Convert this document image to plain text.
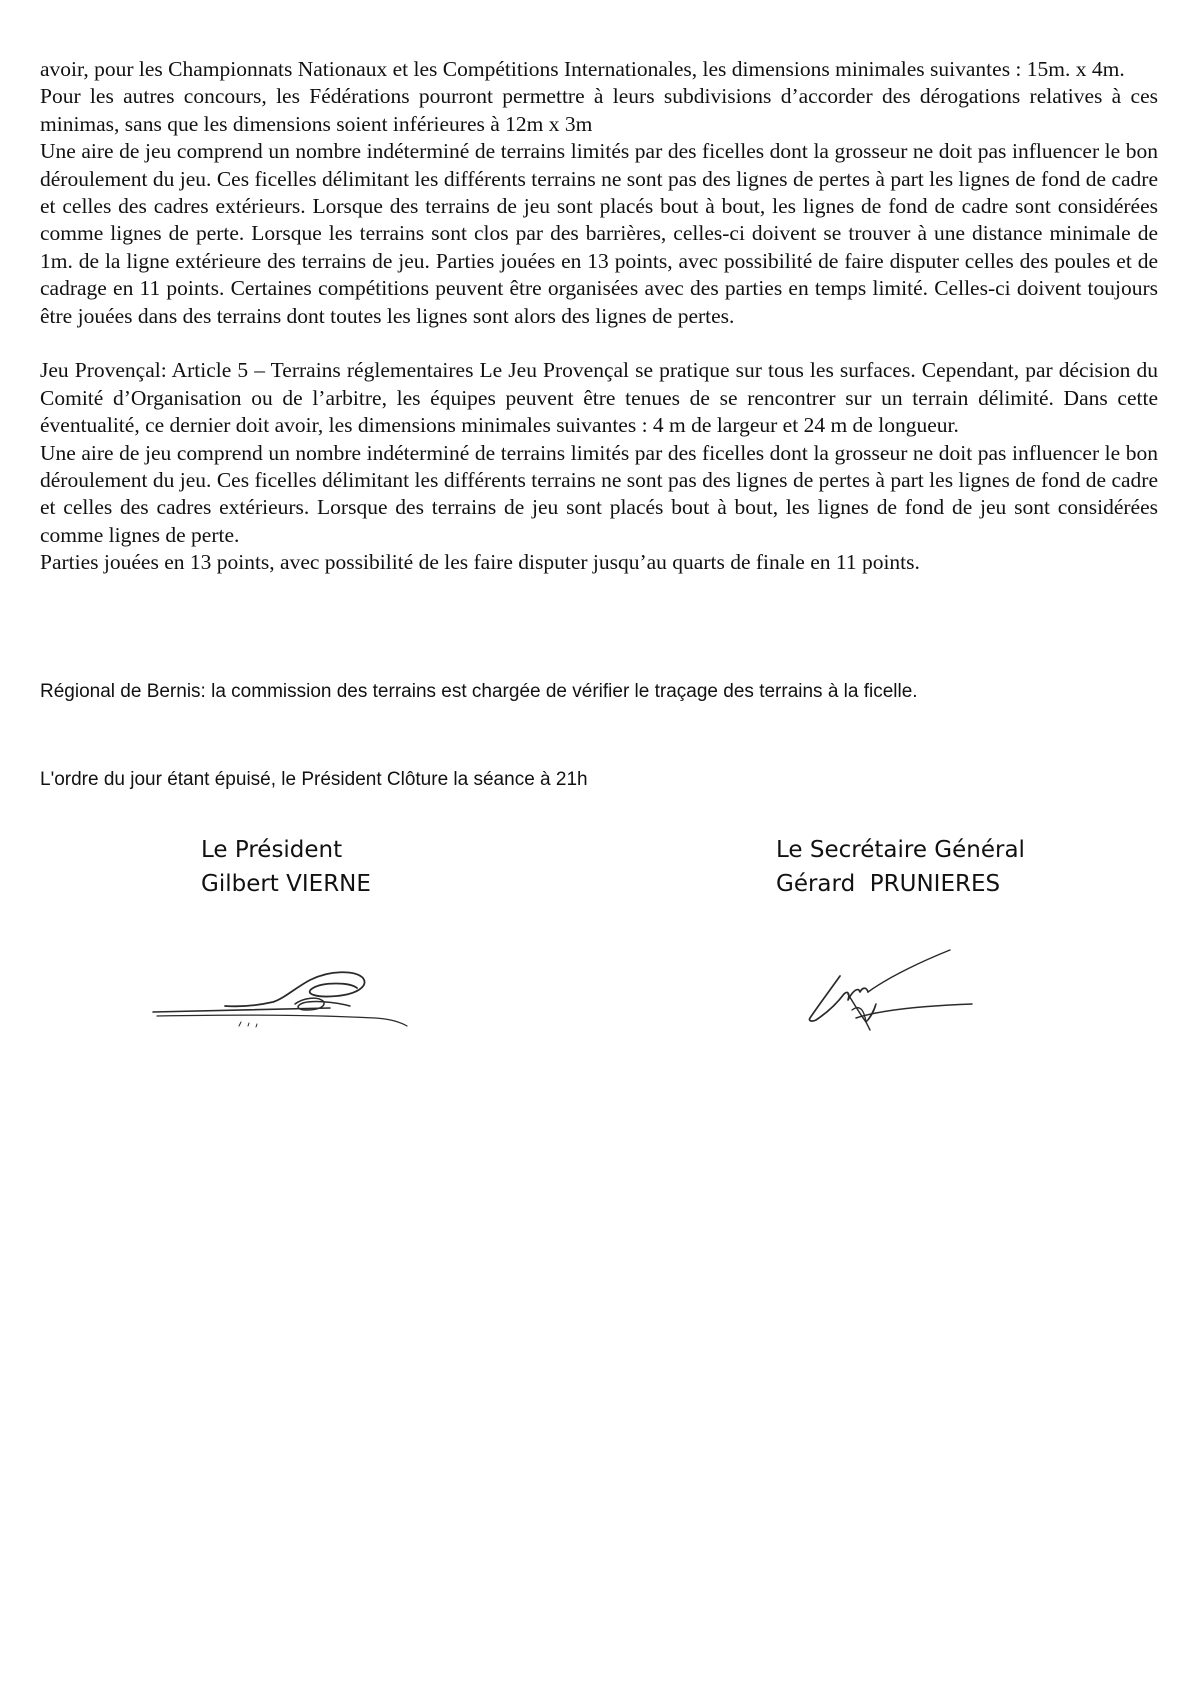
avoir, pour les Championnats Nationaux et les Compétitions Internationales, les dimensions minimales suivantes : 15m. x 4m.

Pour les autres concours, les Fédérations pourront permettre à leurs subdivisions d’accorder des dérogations relatives à ces minimas, sans que les dimensions soient inférieures à 12m x 3m

Une aire de jeu comprend un nombre indéterminé de terrains limités par des ficelles dont la grosseur ne doit pas influencer le bon déroulement du jeu. Ces ficelles délimitant les différents terrains ne sont pas des lignes de pertes à part les lignes de fond de cadre et celles des cadres extérieurs. Lorsque des terrains de jeu sont placés bout à bout, les lignes de fond de cadre sont considérées comme lignes de perte. Lorsque les terrains sont clos par des barrières, celles-ci doivent se trouver à une distance minimale de 1m. de la ligne extérieure des terrains de jeu. Parties jouées en 13 points, avec possibilité de faire disputer celles des poules et de cadrage en 11 points. Certaines compétitions peuvent être organisées avec des parties en temps limité. Celles-ci doivent toujours être jouées dans des terrains dont toutes les lignes sont alors des lignes de pertes.

Jeu Provençal: Article 5 – Terrains réglementaires Le Jeu Provençal se pratique sur tous les surfaces. Cependant, par décision du Comité d’Organisation ou de l’arbitre, les équipes peuvent être tenues de se rencontrer sur un terrain délimité. Dans cette éventualité, ce dernier doit avoir, les dimensions minimales suivantes : 4 m de largeur et 24 m de longueur.

Une aire de jeu comprend un nombre indéterminé de terrains limités par des ficelles dont la grosseur ne doit pas influencer le bon déroulement du jeu. Ces ficelles délimitant les différents terrains ne sont pas des lignes de pertes à part les lignes de fond de cadre et celles des cadres extérieurs. Lorsque des terrains de jeu sont placés bout à bout, les lignes de fond de jeu sont considérées comme lignes de perte.

Parties jouées en 13 points, avec possibilité de les faire disputer jusqu’au quarts de finale en 11 points.

Régional de Bernis: la commission des terrains est chargée de vérifier le traçage des terrains à la ficelle.

L'ordre du jour étant épuisé, le Président Clôture la séance à 21h

Le Président
Gilbert VIERNE
Le Secrétaire Général
Gérard  PRUNIERES
